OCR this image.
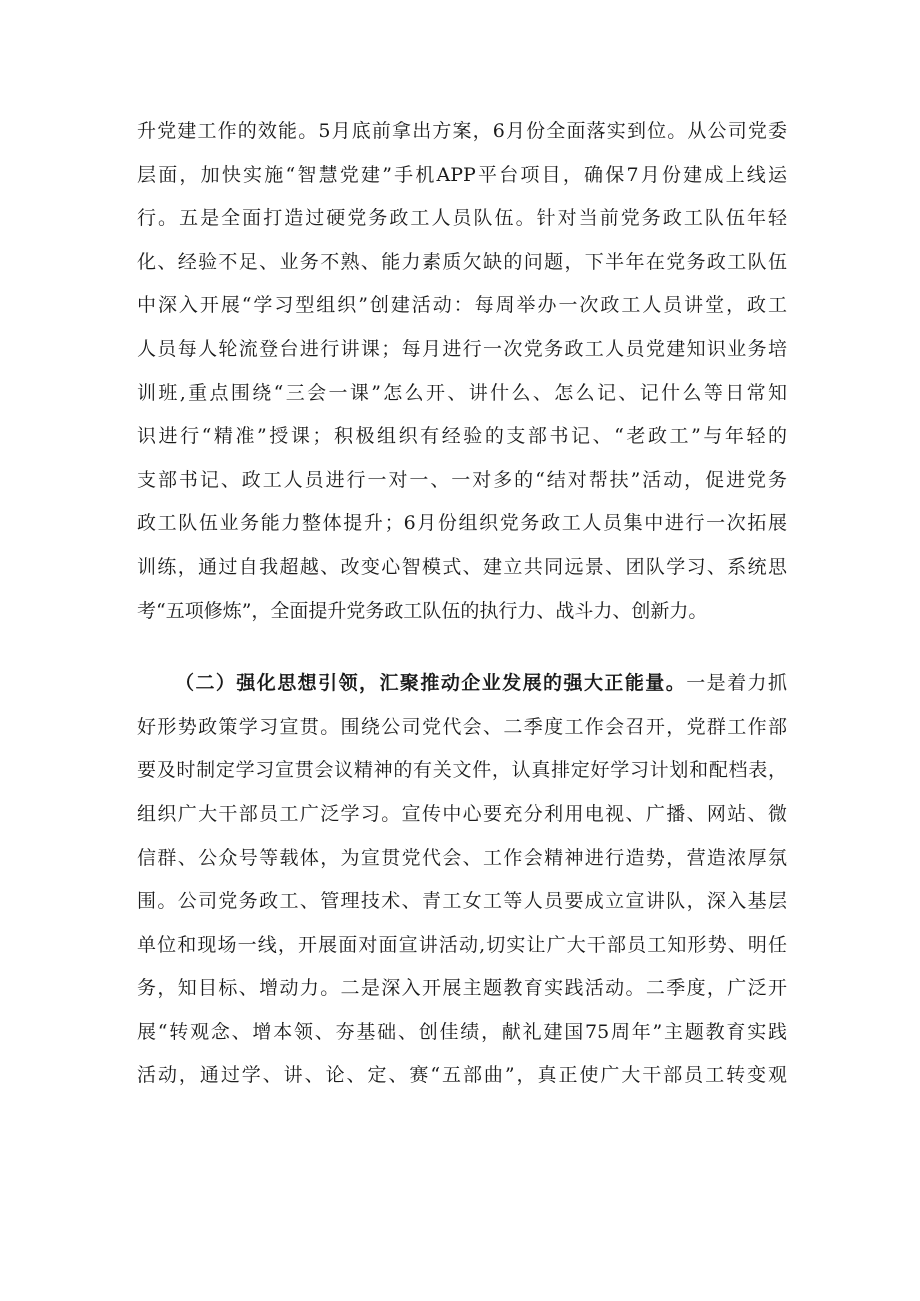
升党建工作的效能。5月底前拿出方案，6月份全面落实到位。从公司党委
层面，加快实施“智慧党建”手机APP平台项目，确保7月份建成上线运
行。五是全面打造过硬党务政工人员队伍。针对当前党务政工队伍年轻
化、经验不足、业务不熟、能力素质欠缺的问题，下半年在党务政工队伍
中深入开展“学习型组织”创建活动：每周举办一次政工人员讲堂，政工
人员每人轮流登台进行讲课；每月进行一次党务政工人员党建知识业务培
训班,重点围绕“三会一课”怎么开、讲什么、怎么记、记什么等日常知
识进行“精准”授课；积极组织有经验的支部书记、“老政工”与年轻的
支部书记、政工人员进行一对一、一对多的“结对帮扶”活动，促进党务
政工队伍业务能力整体提升；6月份组织党务政工人员集中进行一次拓展
训练，通过自我超越、改变心智模式、建立共同远景、团队学习、系统思
考“五项修炼”，全面提升党务政工队伍的执行力、战斗力、创新力。
（二）强化思想引领，汇聚推动企业发展的强大正能量。一是着力抓
好形势政策学习宣贯。围绕公司党代会、二季度工作会召开，党群工作部
要及时制定学习宣贯会议精神的有关文件，认真排定好学习计划和配档表，
组织广大干部员工广泛学习。宣传中心要充分利用电视、广播、网站、微
信群、公众号等载体，为宣贯党代会、工作会精神进行造势，营造浓厚氛
围。公司党务政工、管理技术、青工女工等人员要成立宣讲队，深入基层
单位和现场一线，开展面对面宣讲活动,切实让广大干部员工知形势、明任
务，知目标、增动力。二是深入开展主题教育实践活动。二季度，广泛开
展“转观念、增本领、夯基础、创佳绩，献礼建国75周年”主题教育实践
活动，通过学、讲、论、定、赛“五部曲”，真正使广大干部员工转变观
